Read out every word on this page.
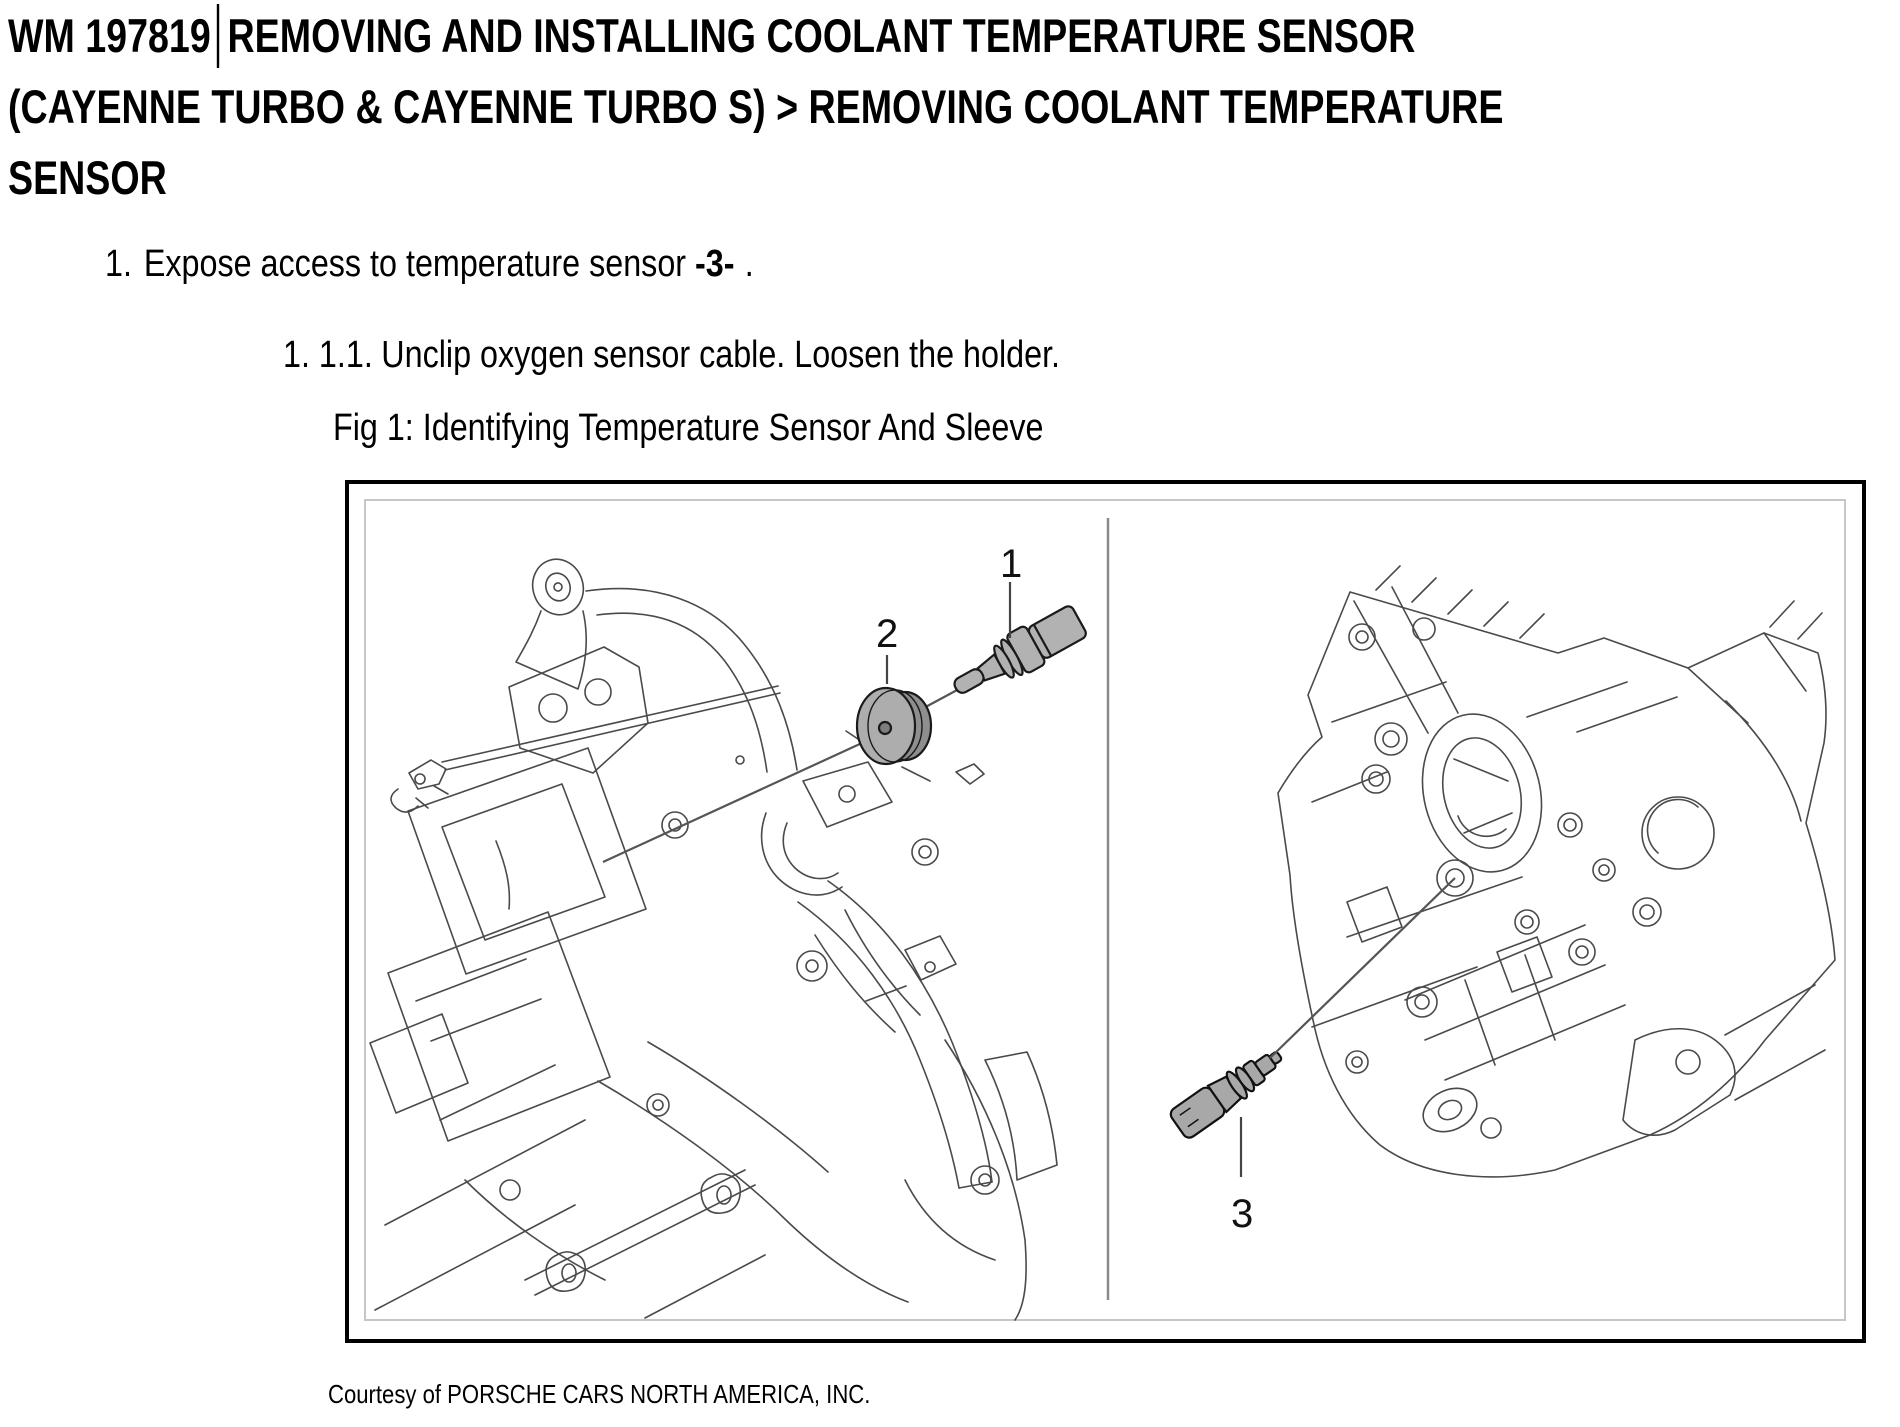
WM 197819 REMOVING AND INSTALLING COOLANT TEMPERATURE SENSOR
(CAYENNE TURBO & CAYENNE TURBO S) > REMOVING COOLANT TEMPERATURE
SENSOR
1. Expose access to temperature sensor -3- .
1. 1.1. Unclip oxygen sensor cable. Loosen the holder.
Fig 1: Identifying Temperature Sensor And Sleeve
1
2
3
Courtesy of PORSCHE CARS NORTH AMERICA, INC.
